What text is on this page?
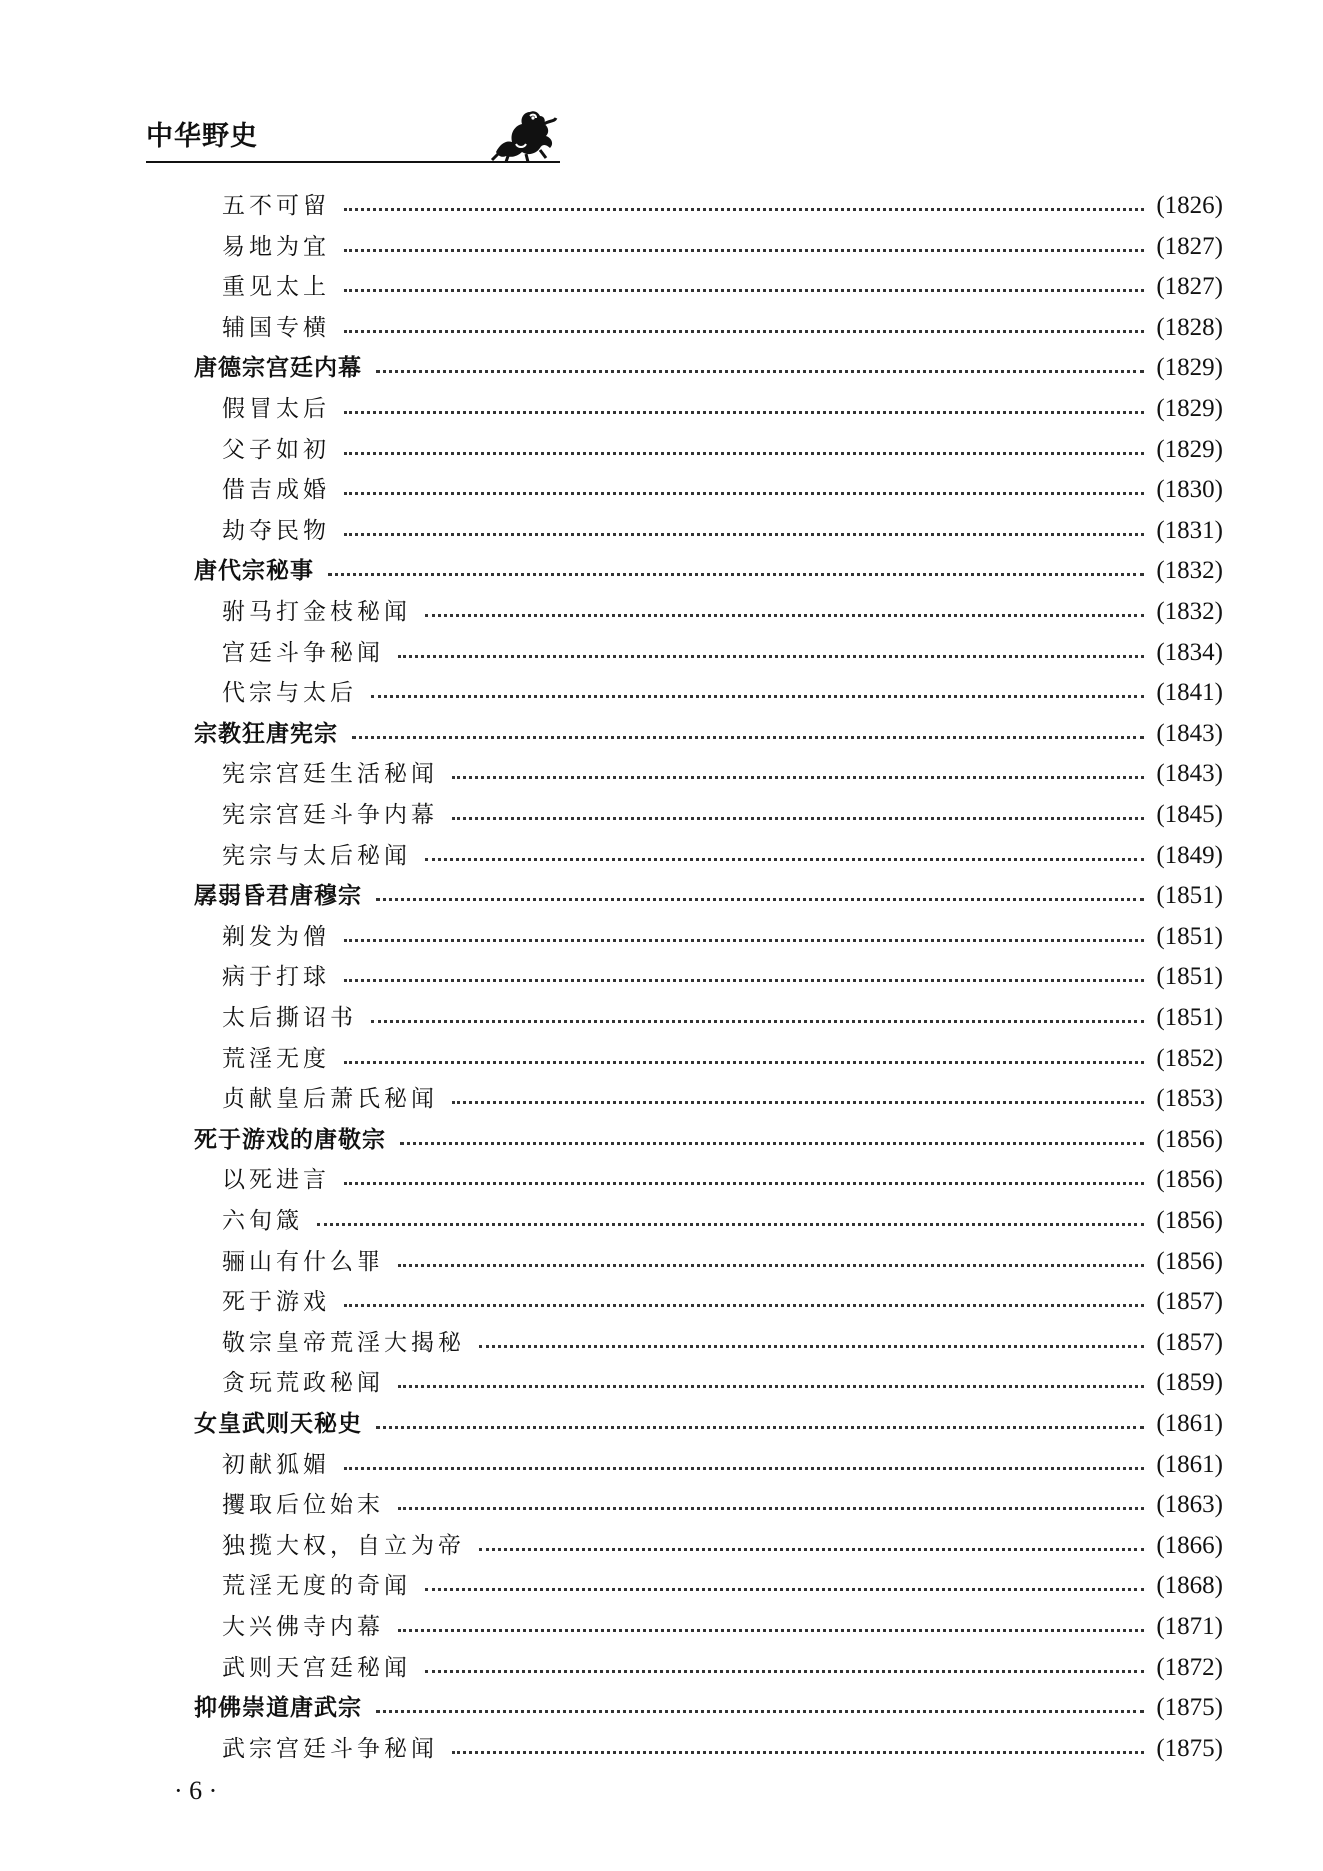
中华野史
五不可留	(1826)
易地为宜	(1827)
重见太上	(1827)
辅国专横	(1828)
唐德宗宫廷内幕	(1829)
假冒太后	(1829)
父子如初	(1829)
借吉成婚	(1830)
劫夺民物	(1831)
唐代宗秘事	(1832)
驸马打金枝秘闻	(1832)
宫廷斗争秘闻	(1834)
代宗与太后	(1841)
宗教狂唐宪宗	(1843)
宪宗宫廷生活秘闻	(1843)
宪宗宫廷斗争内幕	(1845)
宪宗与太后秘闻	(1849)
孱弱昏君唐穆宗	(1851)
剃发为僧	(1851)
病于打球	(1851)
太后撕诏书	(1851)
荒淫无度	(1852)
贞献皇后萧氏秘闻	(1853)
死于游戏的唐敬宗	(1856)
以死进言	(1856)
六旬箴	(1856)
骊山有什么罪	(1856)
死于游戏	(1857)
敬宗皇帝荒淫大揭秘	(1857)
贪玩荒政秘闻	(1859)
女皇武则天秘史	(1861)
初献狐媚	(1861)
攫取后位始末	(1863)
独揽大权，自立为帝	(1866)
荒淫无度的奇闻	(1868)
大兴佛寺内幕	(1871)
武则天宫廷秘闻	(1872)
抑佛崇道唐武宗	(1875)
武宗宫廷斗争秘闻	(1875)
· 6 ·
